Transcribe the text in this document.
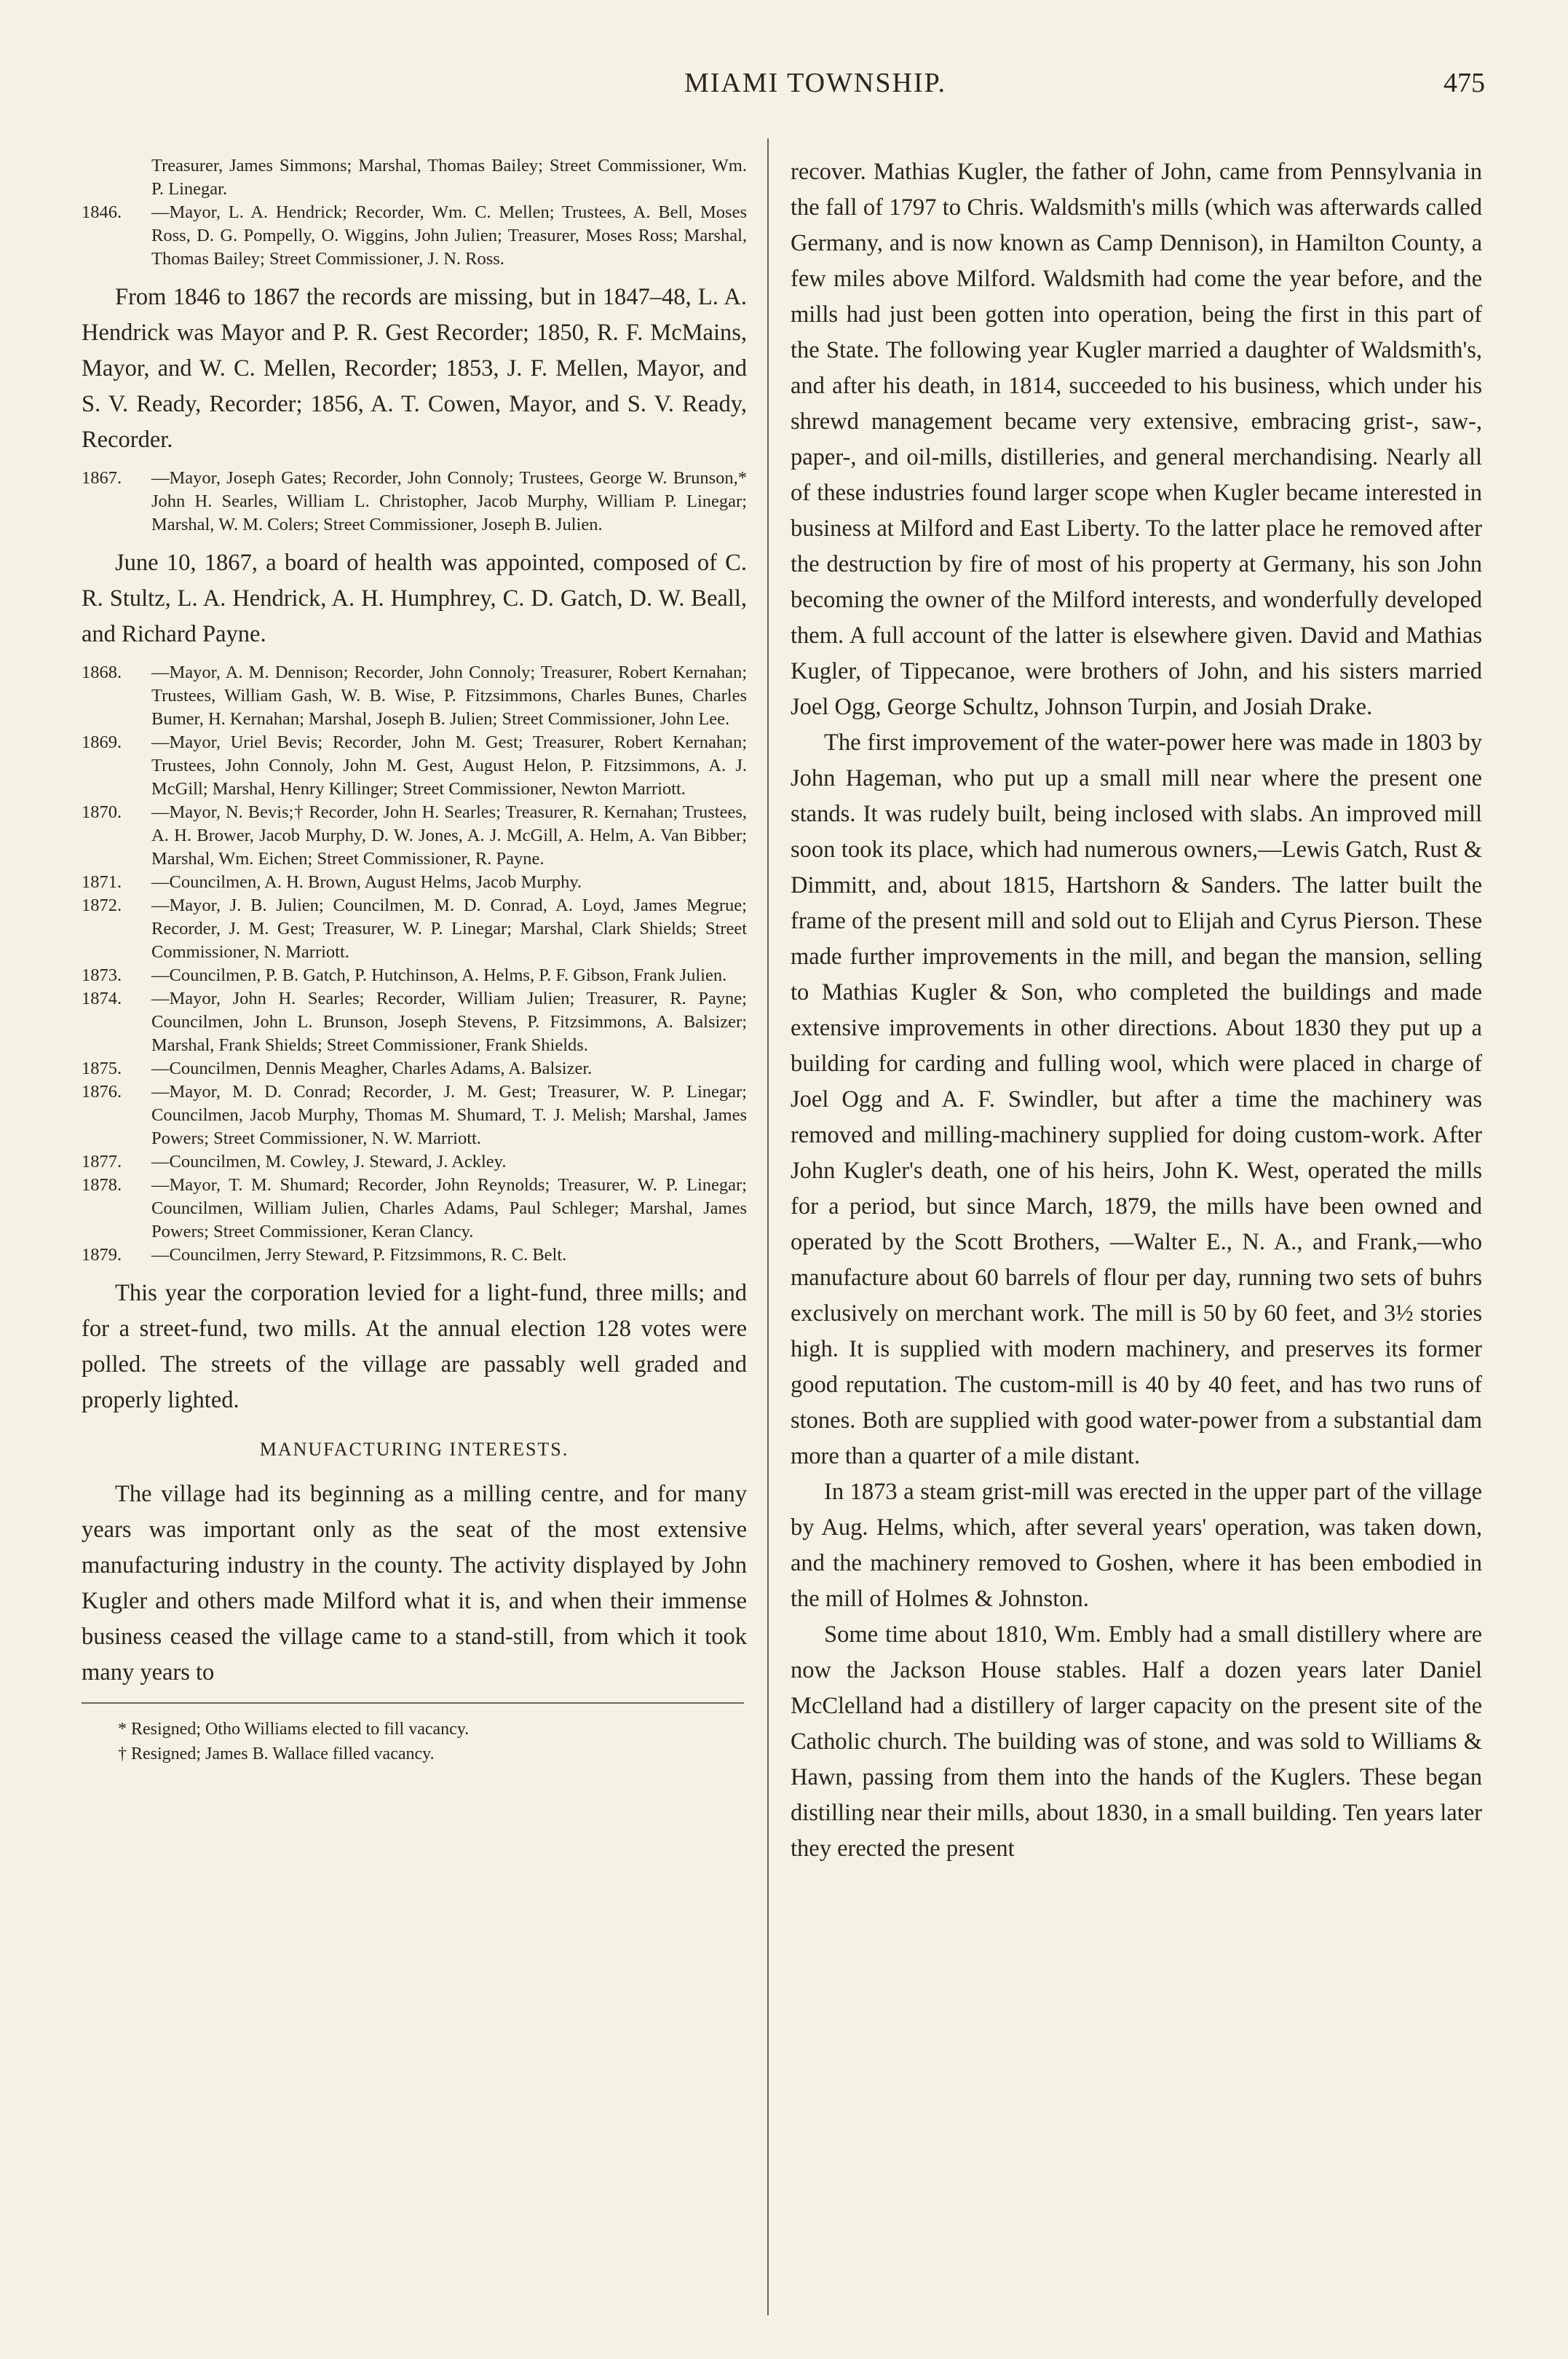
MIAMI TOWNSHIP.	475

Treasurer, James Simmons; Marshal, Thomas Bailey; Street Commissioner, Wm. P. Linegar.

1846. —Mayor, L. A. Hendrick; Recorder, Wm. C. Mellen; Trustees, A. Bell, Moses Ross, D. G. Pompelly, O. Wiggins, John Julien; Treasurer, Moses Ross; Marshal, Thomas Bailey; Street Commissioner, J. N. Ross.

From 1846 to 1867 the records are missing, but in 1847–48, L. A. Hendrick was Mayor and P. R. Gest Recorder; 1850, R. F. McMains, Mayor, and W. C. Mellen, Recorder; 1853, J. F. Mellen, Mayor, and S. V. Ready, Recorder; 1856, A. T. Cowen, Mayor, and S. V. Ready, Recorder.

1867. —Mayor, Joseph Gates; Recorder, John Connoly; Trustees, George W. Brunson,* John H. Searles, William L. Christopher, Jacob Murphy, William P. Linegar; Marshal, W. M. Colers; Street Commissioner, Joseph B. Julien.

June 10, 1867, a board of health was appointed, composed of C. R. Stultz, L. A. Hendrick, A. H. Humphrey, C. D. Gatch, D. W. Beall, and Richard Payne.

1868. —Mayor, A. M. Dennison; Recorder, John Connoly; Treasurer, Robert Kernahan; Trustees, William Gash, W. B. Wise, P. Fitzsimmons, Charles Bunes, Charles Bumer, H. Kernahan; Marshal, Joseph B. Julien; Street Commissioner, John Lee.

1869. —Mayor, Uriel Bevis; Recorder, John M. Gest; Treasurer, Robert Kernahan; Trustees, John Connoly, John M. Gest, August Helon, P. Fitzsimmons, A. J. McGill; Marshal, Henry Killinger; Street Commissioner, Newton Marriott.

1870. —Mayor, N. Bevis;† Recorder, John H. Searles; Treasurer, R. Kernahan; Trustees, A. H. Brower, Jacob Murphy, D. W. Jones, A. J. McGill, A. Helm, A. Van Bibber; Marshal, Wm. Eichen; Street Commissioner, R. Payne.

1871. —Councilmen, A. H. Brown, August Helms, Jacob Murphy.

1872. —Mayor, J. B. Julien; Councilmen, M. D. Conrad, A. Loyd, James Megrue; Recorder, J. M. Gest; Treasurer, W. P. Linegar; Marshal, Clark Shields; Street Commissioner, N. Marriott.

1873. —Councilmen, P. B. Gatch, P. Hutchinson, A. Helms, P. F. Gibson, Frank Julien.

1874. —Mayor, John H. Searles; Recorder, William Julien; Treasurer, R. Payne; Councilmen, John L. Brunson, Joseph Stevens, P. Fitzsimmons, A. Balsizer; Marshal, Frank Shields; Street Commissioner, Frank Shields.

1875. —Councilmen, Dennis Meagher, Charles Adams, A. Balsizer.

1876. —Mayor, M. D. Conrad; Recorder, J. M. Gest; Treasurer, W. P. Linegar; Councilmen, Jacob Murphy, Thomas M. Shumard, T. J. Melish; Marshal, James Powers; Street Commissioner, N. W. Marriott.

1877. —Councilmen, M. Cowley, J. Steward, J. Ackley.

1878. —Mayor, T. M. Shumard; Recorder, John Reynolds; Treasurer, W. P. Linegar; Councilmen, William Julien, Charles Adams, Paul Schleger; Marshal, James Powers; Street Commissioner, Keran Clancy.

1879. —Councilmen, Jerry Steward, P. Fitzsimmons, R. C. Belt.

This year the corporation levied for a light-fund, three mills; and for a street-fund, two mills. At the annual election 128 votes were polled. The streets of the village are passably well graded and properly lighted.

MANUFACTURING INTERESTS.

The village had its beginning as a milling centre, and for many years was important only as the seat of the most extensive manufacturing industry in the county. The activity displayed by John Kugler and others made Milford what it is, and when their immense business ceased the village came to a stand-still, from which it took many years to

* Resigned; Otho Williams elected to fill vacancy.
† Resigned; James B. Wallace filled vacancy.

recover. Mathias Kugler, the father of John, came from Pennsylvania in the fall of 1797 to Chris. Waldsmith's mills (which was afterwards called Germany, and is now known as Camp Dennison), in Hamilton County, a few miles above Milford. Waldsmith had come the year before, and the mills had just been gotten into operation, being the first in this part of the State. The following year Kugler married a daughter of Waldsmith's, and after his death, in 1814, succeeded to his business, which under his shrewd management became very extensive, embracing grist-, saw-, paper-, and oil-mills, distilleries, and general merchandising. Nearly all of these industries found larger scope when Kugler became interested in business at Milford and East Liberty. To the latter place he removed after the destruction by fire of most of his property at Germany, his son John becoming the owner of the Milford interests, and wonderfully developed them. A full account of the latter is elsewhere given. David and Mathias Kugler, of Tippecanoe, were brothers of John, and his sisters married Joel Ogg, George Schultz, Johnson Turpin, and Josiah Drake.

The first improvement of the water-power here was made in 1803 by John Hageman, who put up a small mill near where the present one stands. It was rudely built, being inclosed with slabs. An improved mill soon took its place, which had numerous owners,—Lewis Gatch, Rust & Dimmitt, and, about 1815, Hartshorn & Sanders. The latter built the frame of the present mill and sold out to Elijah and Cyrus Pierson. These made further improvements in the mill, and began the mansion, selling to Mathias Kugler & Son, who completed the buildings and made extensive improvements in other directions. About 1830 they put up a building for carding and fulling wool, which were placed in charge of Joel Ogg and A. F. Swindler, but after a time the machinery was removed and milling-machinery supplied for doing custom-work. After John Kugler's death, one of his heirs, John K. West, operated the mills for a period, but since March, 1879, the mills have been owned and operated by the Scott Brothers, —Walter E., N. A., and Frank,—who manufacture about 60 barrels of flour per day, running two sets of buhrs exclusively on merchant work. The mill is 50 by 60 feet, and 3½ stories high. It is supplied with modern machinery, and preserves its former good reputation. The custom-mill is 40 by 40 feet, and has two runs of stones. Both are supplied with good water-power from a substantial dam more than a quarter of a mile distant.

In 1873 a steam grist-mill was erected in the upper part of the village by Aug. Helms, which, after several years' operation, was taken down, and the machinery removed to Goshen, where it has been embodied in the mill of Holmes & Johnston.

Some time about 1810, Wm. Embly had a small distillery where are now the Jackson House stables. Half a dozen years later Daniel McClelland had a distillery of larger capacity on the present site of the Catholic church. The building was of stone, and was sold to Williams & Hawn, passing from them into the hands of the Kuglers. These began distilling near their mills, about 1830, in a small building. Ten years later they erected the present
